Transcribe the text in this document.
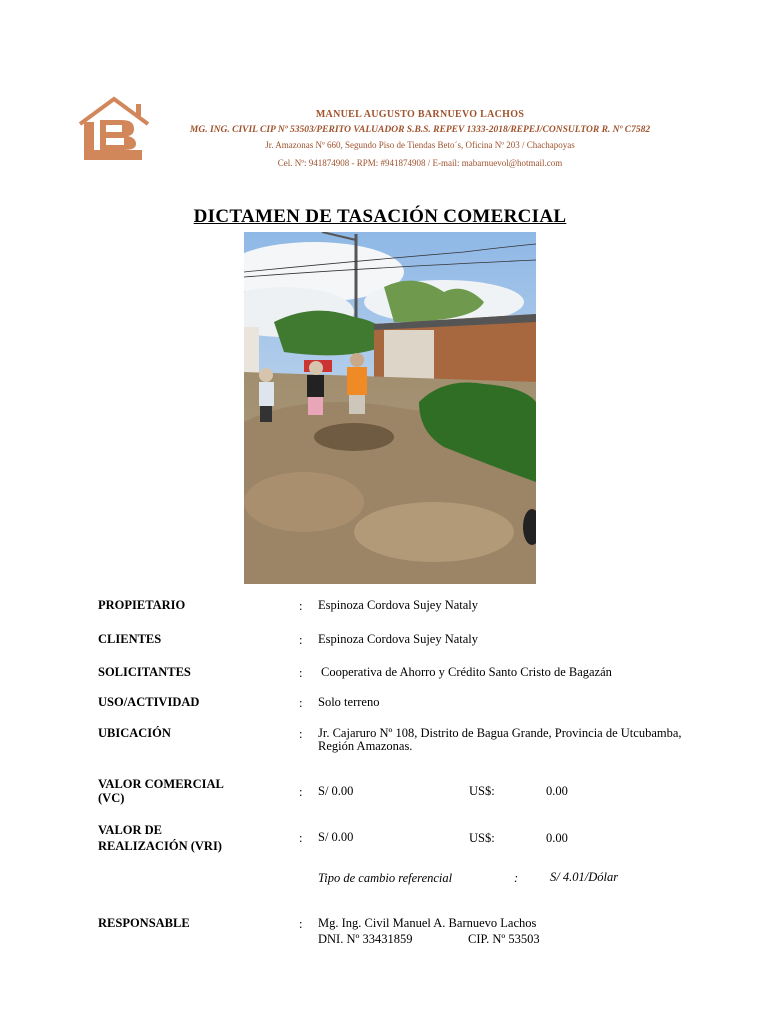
MANUEL AUGUSTO BARNUEVO LACHOS
MG. ING. CIVIL CIP Nº 53503/PERITO VALUADOR S.B.S. REPEV 1333-2018/REPEJ/CONSULTOR R. Nº C7582
Jr. Amazonas Nº 660, Segundo Piso de Tiendas Beto´s, Oficina Nº 203 / Chachapoyas
Cel. Nº: 941874908 - RPM: #941874908 / E-mail: mabarnuevol@hotmail.com
DICTAMEN DE TASACIÓN COMERCIAL
PROPIETARIO	: Espinoza Cordova Sujey Nataly
CLIENTES	: Espinoza Cordova Sujey Nataly
SOLICITANTES	: Cooperativa de Ahorro y Crédito Santo Cristo de Bagazán
USO/ACTIVIDAD	: Solo terreno
UBICACIÓN	: Jr. Cajaruro Nº 108, Distrito de Bagua Grande, Provincia de Utcubamba,
Región Amazonas.
VALOR COMERCIAL
(VC)	: S/ 0.00	US$:	0.00
VALOR DE
REALIZACIÓN (VRI)
: S/ 0.00	US$:	0.00
Tipo de cambio referencial	:	S/ 4.01/Dólar
RESPONSABLE	: Mg. Ing. Civil Manuel A. Barnuevo Lachos
DNI. Nº 33431859	CIP. Nº 53503
